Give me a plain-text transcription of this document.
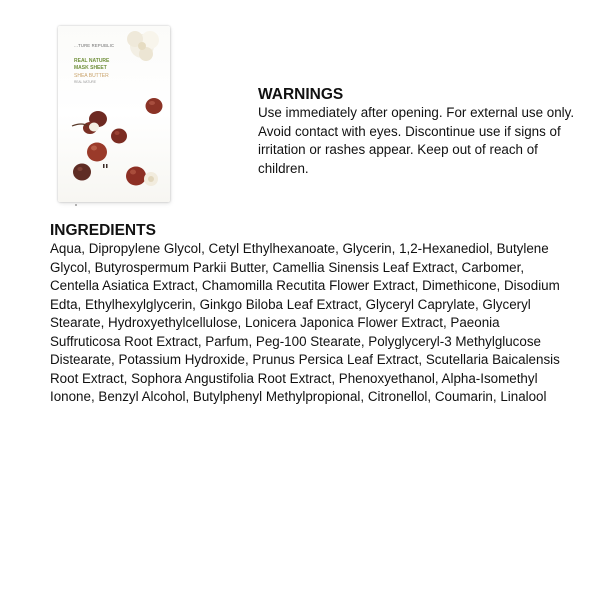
...TURE REPUBLIC
REAL NATURE
MASK SHEET
SHEA BUTTER
REAL NATURE
WARNINGS

Use immediately after opening. For external use only. Avoid contact with eyes. Discontinue use if signs of irritation or rashes appear. Keep out of reach of children.

INGREDIENTS

Aqua, Dipropylene Glycol, Cetyl Ethylhexanoate, Glycerin, 1,2-Hexanediol, Butylene Glycol, Butyrospermum Parkii Butter, Camellia Sinensis Leaf Extract, Carbomer, Centella Asiatica Extract, Chamomilla Recutita Flower Extract, Dimethicone, Disodium Edta, Ethylhexylglycerin, Ginkgo Biloba Leaf Extract, Glyceryl Caprylate, Glyceryl Stearate, Hydroxyethylcellulose, Lonicera Japonica Flower Extract, Paeonia Suffruticosa Root Extract, Parfum, Peg-100 Stearate, Polyglyceryl-3 Methylglucose Distearate, Potassium Hydroxide, Prunus Persica Leaf Extract, Scutellaria Baicalensis Root Extract, Sophora Angustifolia Root Extract, Phenoxyethanol, Alpha-Isomethyl Ionone, Benzyl Alcohol, Butylphenyl Methylpropional, Citronellol, Coumarin, Linalool
